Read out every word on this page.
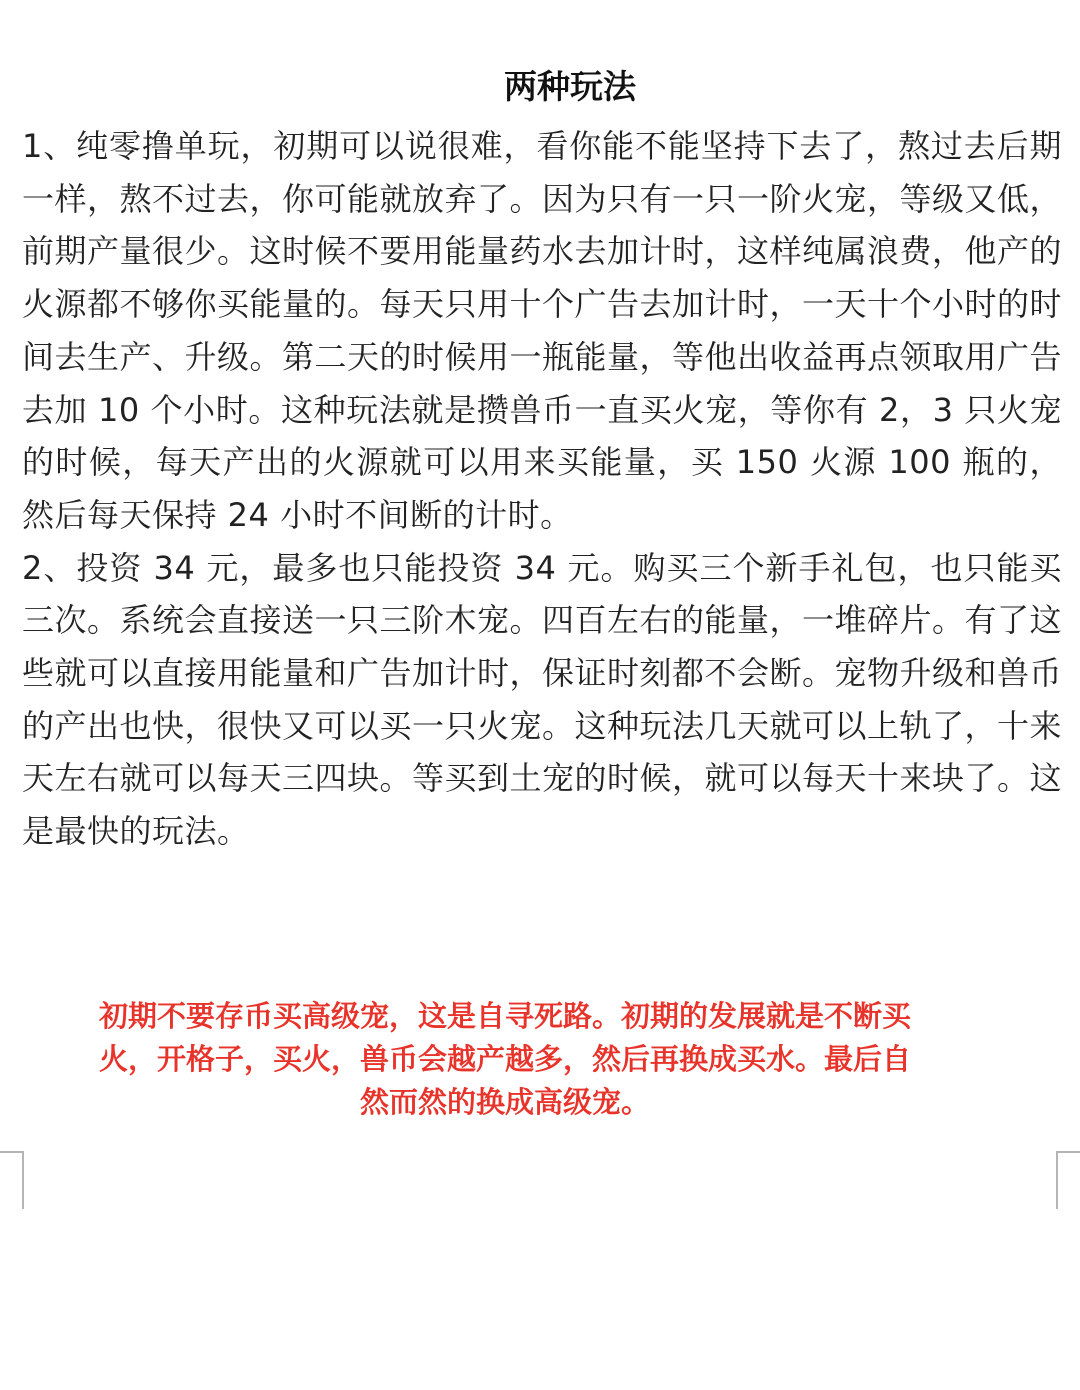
两种玩法

1、纯零撸单玩，初期可以说很难，看你能不能坚持下去了，熬过去后期一样，熬不过去，你可能就放弃了。因为只有一只一阶火宠，等级又低，前期产量很少。这时候不要用能量药水去加计时，这样纯属浪费，他产的火源都不够你买能量的。每天只用十个广告去加计时，一天十个小时的时间去生产、升级。第二天的时候用一瓶能量，等他出收益再点领取用广告去加 10 个小时。这种玩法就是攒兽币一直买火宠，等你有 2，3 只火宠的时候，每天产出的火源就可以用来买能量，买 150 火源 100 瓶的，然后每天保持 24 小时不间断的计时。

2、投资 34 元，最多也只能投资 34 元。购买三个新手礼包，也只能买三次。系统会直接送一只三阶木宠。四百左右的能量，一堆碎片。有了这些就可以直接用能量和广告加计时，保证时刻都不会断。宠物升级和兽币的产出也快，很快又可以买一只火宠。这种玩法几天就可以上轨了，十来天左右就可以每天三四块。等买到土宠的时候，就可以每天十来块了。这是最快的玩法。

初期不要存币买高级宠，这是自寻死路。初期的发展就是不断买火，开格子，买火，兽币会越产越多，然后再换成买水。最后自然而然的换成高级宠。
